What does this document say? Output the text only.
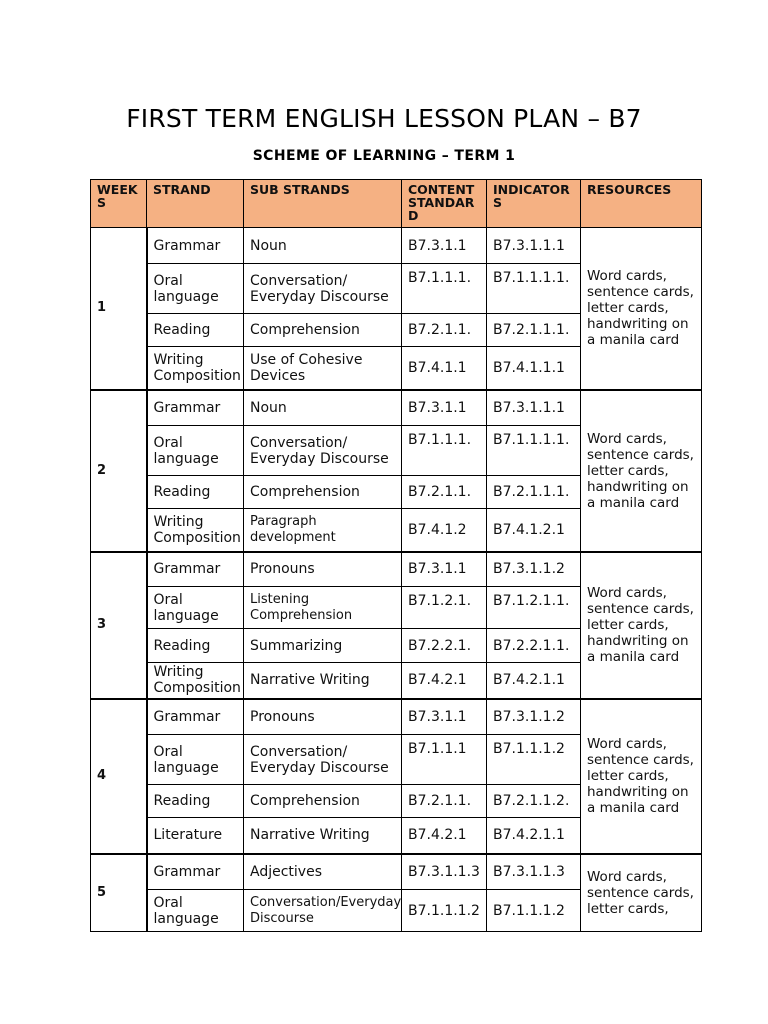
FIRST TERM ENGLISH LESSON PLAN – B7
SCHEME OF LEARNING – TERM 1
WEEK S	STRAND	SUB STRANDS	CONTENT STANDAR D	INDICATOR S	RESOURCES
1	Grammar	Noun	B7.3.1.1	B7.3.1.1.1	Word cards, sentence cards, letter cards, handwriting on a manila card
	Oral language	Conversation/ Everyday Discourse	B7.1.1.1.	B7.1.1.1.1.	
	Reading	Comprehension	B7.2.1.1.	B7.2.1.1.1.	
	Writing Composition	Use of Cohesive Devices	B7.4.1.1	B7.4.1.1.1	
2	Grammar	Noun	B7.3.1.1	B7.3.1.1.1	Word cards, sentence cards, letter cards, handwriting on a manila card
	Oral language	Conversation/ Everyday Discourse	B7.1.1.1.	B7.1.1.1.1.	
	Reading	Comprehension	B7.2.1.1.	B7.2.1.1.1.	
	Writing Composition	Paragraph development	B7.4.1.2	B7.4.1.2.1	
3	Grammar	Pronouns	B7.3.1.1	B7.3.1.1.2	Word cards, sentence cards, letter cards, handwriting on a manila card
	Oral language	Listening Comprehension	B7.1.2.1.	B7.1.2.1.1.	
	Reading	Summarizing	B7.2.2.1.	B7.2.2.1.1.	
	Writing Composition	Narrative Writing	B7.4.2.1	B7.4.2.1.1	
4	Grammar	Pronouns	B7.3.1.1	B7.3.1.1.2	Word cards, sentence cards, letter cards, handwriting on a manila card
	Oral language	Conversation/ Everyday Discourse	B7.1.1.1	B7.1.1.1.2	
	Reading	Comprehension	B7.2.1.1.	B7.2.1.1.2.	
	Literature	Narrative Writing	B7.4.2.1	B7.4.2.1.1	
5	Grammar	Adjectives	B7.3.1.1.3	B7.3.1.1.3	Word cards, sentence cards, letter cards,
	Oral language	Conversation/Everyday Discourse	B7.1.1.1.2	B7.1.1.1.2	
